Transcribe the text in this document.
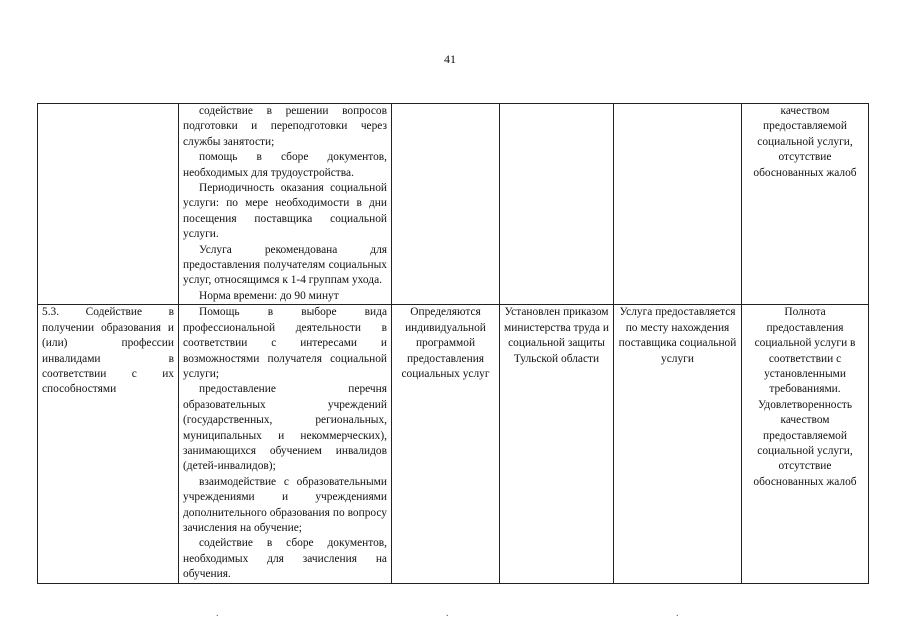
41

	содействие в решении вопросов подготовки и переподготовки через службы занятости;

помощь в сборе документов, необходимых для трудоустройства.

Периодичность оказания социальной услуги: по мере необходимости в дни посещения поставщика социальной услуги.

Услуга рекомендована для предоставления получателям социальных услуг, относящимся к 1-4 группам ухода.

Норма времени: до 90 минут				качеством предоставляемой социальной услуги, отсутствие обоснованных жалоб
5.3. Содействие в получении образования и (или) профессии инвалидами в соответствии с их способностями	Помощь в выборе вида профессиональной деятельности в соответствии с интересами и возможностями получателя социальной услуги;

предоставление перечня образовательных учреждений (государственных, региональных, муниципальных и некоммерческих), занимающихся обучением инвалидов (детей-инвалидов);

взаимодействие с образовательными учреждениями и учреждениями дополнительного образования по вопросу зачисления на обучение;

содействие в сборе документов, необходимых для зачисления на обучения.	Определяются индивидуальной программой предоставления социальных услуг	Установлен приказом министерства труда и социальной защиты Тульской области	Услуга предоставляется по месту нахождения поставщика социальной услуги	Полнота предоставления социальной услуги в соответствии с установленными требованиями. Удовлетворенность качеством предоставляемой социальной услуги, отсутствие обоснованных жалоб
.	.	.
